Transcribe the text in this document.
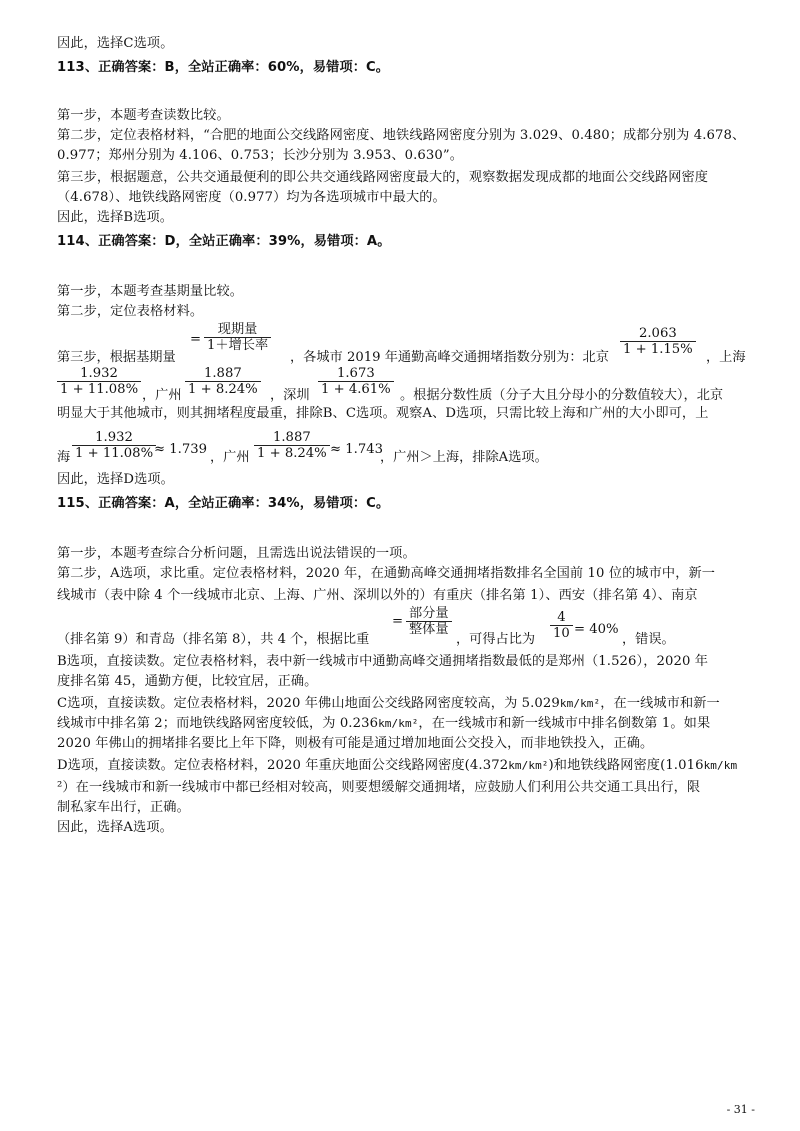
因此，选择C选项。
113、正确答案：B，全站正确率：60%，易错项：C。
第一步，本题考查读数比较。
第二步，定位表格材料，“合肥的地面公交线路网密度、地铁线路网密度分别为 3.029、0.480；成都分别为 4.678、
0.977；郑州分别为 4.106、0.753；长沙分别为 3.953、0.630”。
第三步，根据题意，公共交通最便利的即公共交通线路网密度最大的，观察数据发现成都的地面公交线路网密度
（4.678）、地铁线路网密度（0.977）均为各选项城市中最大的。
因此，选择B选项。
114、正确答案：D，全站正确率：39%，易错项：A。
第一步，本题考查基期量比较。
第二步，定位表格材料。
第三步，根据基期量
=
现期量
1＋增长率
，各城市 2019 年通勤高峰交通拥堵指数分别为：北京
$\frac{2.063}{1 + 1.15\%}$
，上海
$\frac{1.932}{1 + 11.08\%}$ ，广州 $\frac{1.887}{1 + 8.24\%}$ ，深圳 $\frac{1.673}{1 + 4.61\%}$ 。根据分数性质（分子大且分母小的分数值较大），北京
明显大于其他城市，则其拥堵程度最重，排除B、C选项。观察A、D选项，只需比较上海和广州的大小即可，上
海 $\frac{1.932}{1 + 11.08\%}$
≈ 1.739
，广州 $\frac{1.887}{1 + 8.24\%} \approx 1.743$
，广州＞上海，排除A选项。
因此，选择D选项。
115、正确答案：A，全站正确率：34%，易错项：C。
第一步，本题考查综合分析问题，且需选出说法错误的一项。
第二步，A选项，求比重。定位表格材料，2020 年，在通勤高峰交通拥堵指数排名全国前 10 位的城市中，新一
线城市（表中除 4 个一线城市北京、上海、广州、深圳以外的）有重庆（排名第 1）、西安（排名第 4）、南京
（排名第 9）和青岛（排名第 8），共 4 个，根据比重
=
部分量
整体量
，可得占比为 $\frac{4}{10} = 40\%$
，错误。
B选项，直接读数。定位表格材料，表中新一线城市中通勤高峰交通拥堵指数最低的是郑州（1.526），2020 年
度排名第 45，通勤方便，比较宜居，正确。
C选项，直接读数。定位表格材料，2020 年佛山地面公交线路网密度较高，为 5.029km/km²，在一线城市和新一
线城市中排名第 2；而地铁线路网密度较低，为 0.236km/km²，在一线城市和新一线城市中排名倒数第 1。如果
2020 年佛山的拥堵排名要比上年下降，则极有可能是通过增加地面公交投入，而非地铁投入，正确。
D选项，直接读数。定位表格材料，2020 年重庆地面公交线路网密度(4.372km/km²)和地铁线路网密度(1.016km/km
²）在一线城市和新一线城市中都已经相对较高，则要想缓解交通拥堵，应鼓励人们利用公共交通工具出行，限
制私家车出行，正确。
因此，选择A选项。
- 31 -
